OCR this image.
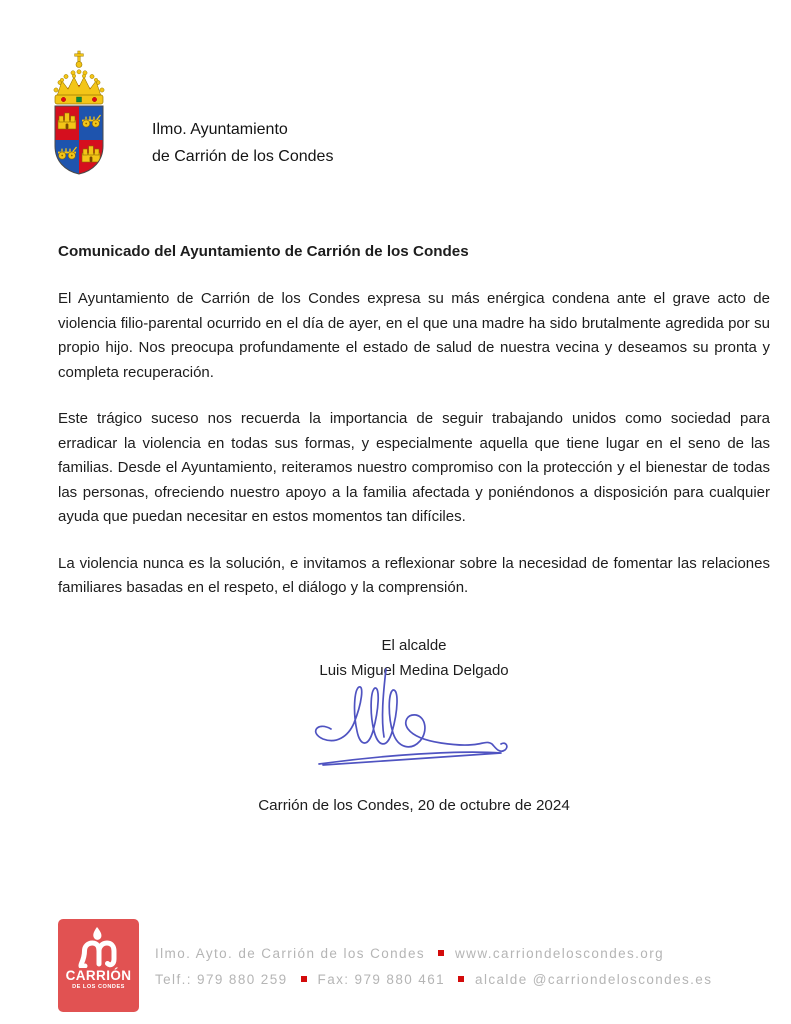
Ilmo. Ayuntamiento
de Carrión de los Condes
Comunicado del Ayuntamiento de Carrión de los Condes

El Ayuntamiento de Carrión de los Condes expresa su más enérgica condena ante el grave acto de violencia filio-parental ocurrido en el día de ayer, en el que una madre ha sido brutalmente agredida por su propio hijo. Nos preocupa profundamente el estado de salud de nuestra vecina y deseamos su pronta y completa recuperación.

Este trágico suceso nos recuerda la importancia de seguir trabajando unidos como sociedad para erradicar la violencia en todas sus formas, y especialmente aquella que tiene lugar en el seno de las familias. Desde el Ayuntamiento, reiteramos nuestro compromiso con la protección y el bienestar de todas las personas, ofreciendo nuestro apoyo a la familia afectada y poniéndonos a disposición para cualquier ayuda que puedan necesitar en estos momentos tan difíciles.

La violencia nunca es la solución, e invitamos a reflexionar sobre la necesidad de fomentar las relaciones familiares basadas en el respeto, el diálogo y la comprensión.

El alcalde
Luis Miguel Medina Delgado
Carrión de los Condes, 20 de octubre de 2024
CARRIÓN
DE LOS CONDES
Ilmo. Ayto. de Carrión de los Condes www.carriondeloscondes.org
Telf.: 979 880 259 Fax: 979 880 461 alcalde @carriondeloscondes.es
